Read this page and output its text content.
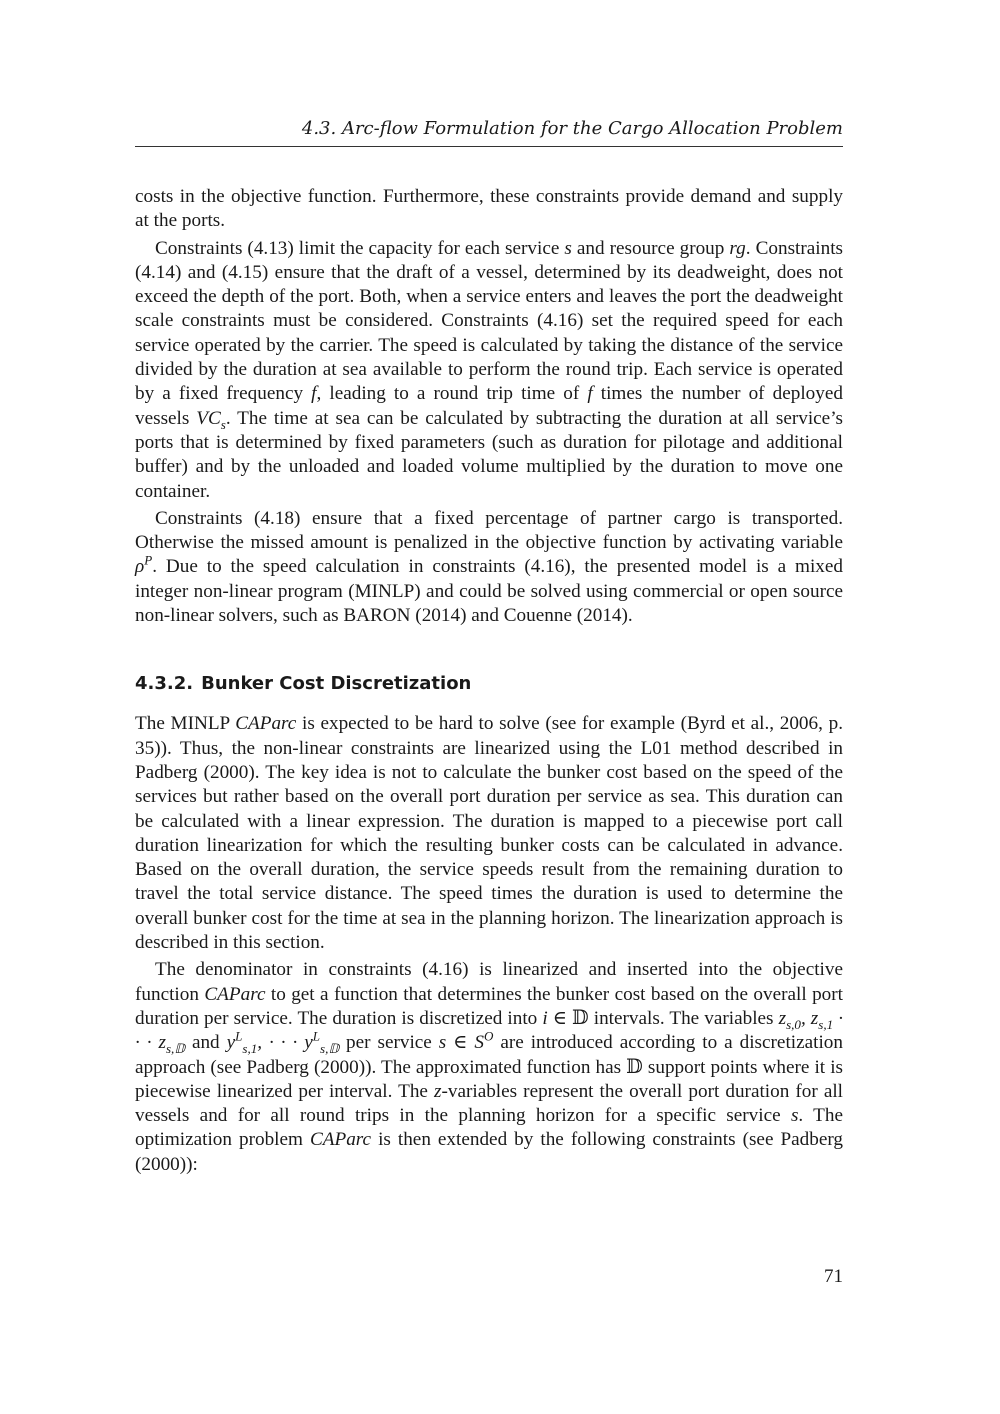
4.3. Arc-flow Formulation for the Cargo Allocation Problem

costs in the objective function. Furthermore, these constraints provide demand and supply at the ports.

Constraints (4.13) limit the capacity for each service s and resource group rg. Constraints (4.14) and (4.15) ensure that the draft of a vessel, determined by its deadweight, does not exceed the depth of the port. Both, when a service enters and leaves the port the deadweight scale constraints must be considered. Constraints (4.16) set the required speed for each service operated by the carrier. The speed is calculated by taking the distance of the service divided by the duration at sea available to perform the round trip. Each service is operated by a fixed frequency f, leading to a round trip time of f times the number of deployed vessels $VC_s$. The time at sea can be calculated by subtracting the duration at all service’s ports that is determined by fixed parameters (such as duration for pilotage and additional buffer) and by the unloaded and loaded volume multiplied by the duration to move one container.

Constraints (4.18) ensure that a fixed percentage of partner cargo is transported. Otherwise the missed amount is penalized in the objective function by activating variable $\rho^P$. Due to the speed calculation in constraints (4.16), the presented model is a mixed integer non-linear program (MINLP) and could be solved using commercial or open source non-linear solvers, such as BARON (2014) and Couenne (2014).

4.3.2. Bunker Cost Discretization

The MINLP CAParc is expected to be hard to solve (see for example (Byrd et al., 2006, p. 35)). Thus, the non-linear constraints are linearized using the L01 method described in Padberg (2000). The key idea is not to calculate the bunker cost based on the speed of the services but rather based on the overall port duration per service as sea. This duration can be calculated with a linear expression. The duration is mapped to a piecewise port call duration linearization for which the resulting bunker costs can be calculated in advance. Based on the overall duration, the service speeds result from the remaining duration to travel the total service distance. The speed times the duration is used to determine the overall bunker cost for the time at sea in the planning horizon. The linearization approach is described in this section.

The denominator in constraints (4.16) is linearized and inserted into the objective function CAParc to get a function that determines the bunker cost based on the overall port duration per service. The duration is discretized into i ∈ 𝔻 intervals. The variables $z_{s,0}$, $z_{s,1}$ · · · $z_{s,𝔻}$ and $y^L_{s,1}$, · · · $y^L_{s,𝔻}$ per service s ∈ $S^O$ are introduced according to a discretization approach (see Padberg (2000)). The approximated function has 𝔻 support points where it is piecewise linearized per interval. The z-variables represent the overall port duration for all vessels and for all round trips in the planning horizon for a specific service s. The optimization problem CAParc is then extended by the following constraints (see Padberg (2000)):

71
